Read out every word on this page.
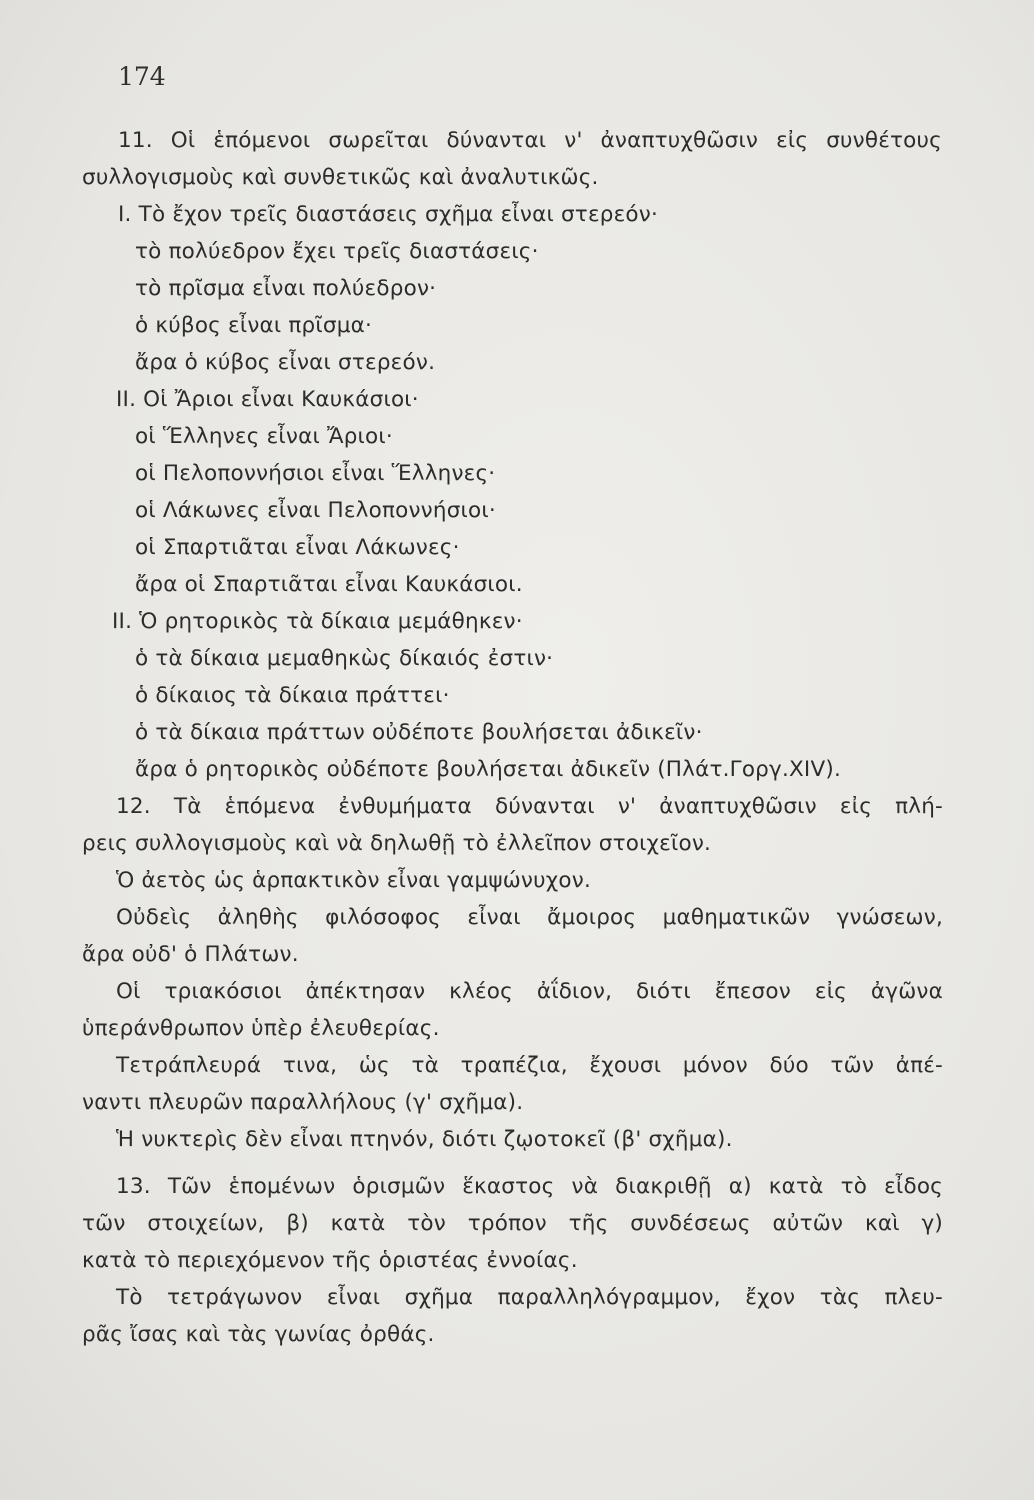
174
11. Οἱ ἑπόμενοι σωρεῖται δύνανται ν' ἀναπτυχθῶσιν εἰς συνθέτους
συλλογισμοὺς καὶ συνθετικῶς καὶ ἀναλυτικῶς.
Ι. Τὸ ἔχον τρεῖς διαστάσεις σχῆμα εἶναι στερεόν·
τὸ πολύεδρον ἔχει τρεῖς διαστάσεις·
τὸ πρῖσμα εἶναι πολύεδρον·
ὁ κύβος εἶναι πρῖσμα·
ἄρα ὁ κύβος εἶναι στερεόν.
ΙΙ. Οἱ Ἄριοι εἶναι Καυκάσιοι·
οἱ Ἕλληνες εἶναι Ἄριοι·
οἱ Πελοποννήσιοι εἶναι Ἕλληνες·
οἱ Λάκωνες εἶναι Πελοποννήσιοι·
οἱ Σπαρτιᾶται εἶναι Λάκωνες·
ἄρα οἱ Σπαρτιᾶται εἶναι Καυκάσιοι.
ΙΙ. Ὁ ρητορικὸς τὰ δίκαια μεμάθηκεν·
ὁ τὰ δίκαια μεμαθηκὼς δίκαιός ἐστιν·
ὁ δίκαιος τὰ δίκαια πράττει·
ὁ τὰ δίκαια πράττων οὐδέποτε βουλήσεται ἀδικεῖν·
ἄρα ὁ ρητορικὸς οὐδέποτε βουλήσεται ἀδικεῖν (Πλάτ.Γοργ.XIV).
12. Τὰ ἑπόμενα ἐνθυμήματα δύνανται ν' ἀναπτυχθῶσιν εἰς πλή-
ρεις συλλογισμοὺς καὶ νὰ δηλωθῇ τὸ ἐλλεῖπον στοιχεῖον.
Ὁ ἀετὸς ὡς ἁρπακτικὸν εἶναι γαμψώνυχον.
Οὐδεὶς ἀληθὴς φιλόσοφος εἶναι ἄμοιρος μαθηματικῶν γνώσεων,
ἄρα οὐδ' ὁ Πλάτων.
Οἱ τριακόσιοι ἀπέκτησαν κλέος ἀΐδιον, διότι ἔπεσον εἰς ἀγῶνα
ὑπεράνθρωπον ὑπὲρ ἐλευθερίας.
Τετράπλευρά τινα, ὡς τὰ τραπέζια, ἔχουσι μόνον δύο τῶν ἀπέ-
ναντι πλευρῶν παραλλήλους (γ' σχῆμα).
Ἡ νυκτερὶς δὲν εἶναι πτηνόν, διότι ζῳοτοκεῖ (β' σχῆμα).
13. Τῶν ἑπομένων ὁρισμῶν ἕκαστος νὰ διακριθῇ α) κατὰ τὸ εἶδος
τῶν στοιχείων, β) κατὰ τὸν τρόπον τῆς συνδέσεως αὐτῶν καὶ γ)
κατὰ τὸ περιεχόμενον τῆς ὁριστέας ἐννοίας.
Τὸ τετράγωνον εἶναι σχῆμα παραλληλόγραμμον, ἔχον τὰς πλευ-
ρᾶς ἴσας καὶ τὰς γωνίας ὀρθάς.
